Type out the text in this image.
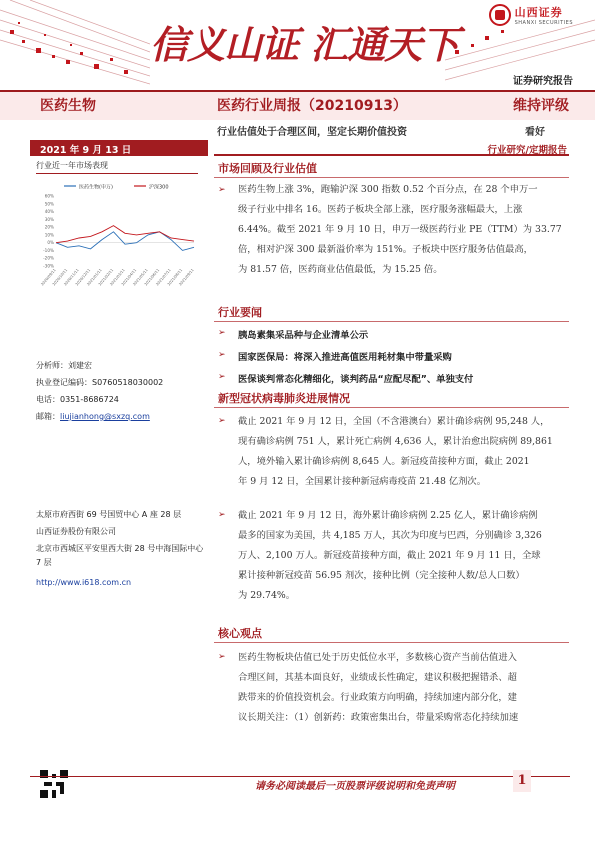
信义山证 汇通天下
山西证券
SHANXI SECURITIES
证券研究报告
医药生物	医药行业周报（20210913）	维持评级
行业估值处于合理区间，坚定长期价值投资	看好
2021 年 9 月 13 日	行业研究/定期报告
行业近一年市场表现
医药生物(申万)	沪深300
60%
50%
40%
30%
20%
10%
0%
-10%
-20%
-30%
2020/09/11
2020/10/11
2020/11/11
2020/12/11
2021/01/11
2021/02/11
2021/03/11
2021/04/11
2021/05/11
2021/06/11
2021/07/11
2021/08/11
2021/09/11
分析师：刘建宏
执业登记编码：S0760518030002
电话：0351-8686724
邮箱：liujianhong@sxzq.com
太原市府西街 69 号国贸中心 A 座 28 层
山西证券股份有限公司
北京市西城区平安里西大街 28 号中海国际中心 7 层
http://www.i618.com.cn
市场回顾及行业估值
➢ 医药生物上涨 3%，跑输沪深 300 指数 0.52 个百分点，在 28 个申万一
级子行业中排名 16。医药子板块全部上涨，医疗服务涨幅最大，上涨
6.44%。截至 2021 年 9 月 10 日，申万一级医药行业 PE（TTM）为 33.77
倍，相对沪深 300 最新溢价率为 151%。子板块中医疗服务估值最高，
为 81.57 倍，医药商业估值最低，为 15.25 倍。
行业要闻
➢ 胰岛素集采品种与企业清单公示
➢ 国家医保局：将深入推进高值医用耗材集中带量采购
➢ 医保谈判常态化精细化，谈判药品“应配尽配”、单独支付
新型冠状病毒肺炎进展情况
➢ 截止 2021 年 9 月 12 日，全国（不含港澳台）累计确诊病例 95,248 人，
现有确诊病例 751 人，累计死亡病例 4,636 人，累计治愈出院病例 89,861
人，境外输入累计确诊病例 8,645 人。新冠疫苗接种方面，截止 2021
年 9 月 12 日，全国累计接种新冠病毒疫苗 21.48 亿剂次。
➢ 截止 2021 年 9 月 12 日，海外累计确诊病例 2.25 亿人，累计确诊病例
最多的国家为美国，共 4,185 万人，其次为印度与巴西，分别确诊 3,326
万人、2,100 万人。新冠疫苗接种方面，截止 2021 年 9 月 11 日，全球
累计接种新冠疫苗 56.95 剂次，接种比例（完全接种人数/总人口数）
为 29.74%。
核心观点
➢ 医药生物板块估值已处于历史低位水平，多数核心资产当前估值进入
合理区间，其基本面良好，业绩成长性确定，建议积极把握错杀、超
跌带来的价值投资机会。行业政策方向明确，持续加速内部分化，建
议长期关注：（1）创新药：政策密集出台，带量采购常态化持续加速
请务必阅读最后一页股票评级说明和免责声明	1
